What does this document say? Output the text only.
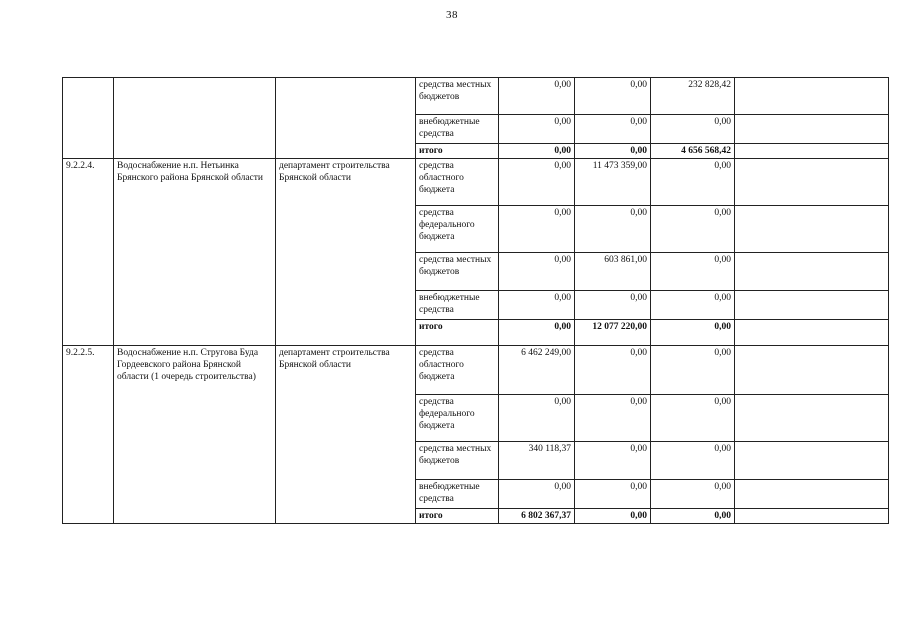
38
			средства местных бюджетов	0,00	0,00	232 828,42	
			внебюджетные средства	0,00	0,00	0,00	
			итого	0,00	0,00	4 656 568,42	
9.2.2.4.	Водоснабжение н.п. Нетьинка Брянского района Брянской области	департамент строительства Брянской области	средства областного бюджета	0,00	11 473 359,00	0,00	
			средства федерального бюджета	0,00	0,00	0,00	
			средства местных бюджетов	0,00	603 861,00	0,00	
			внебюджетные средства	0,00	0,00	0,00	
			итого	0,00	12 077 220,00	0,00	
9.2.2.5.	Водоснабжение н.п. Стругова Буда Гордеевского района Брянской области (1 очередь строительства)	департамент строительства Брянской области	средства областного бюджета	6 462 249,00	0,00	0,00	
			средства федерального бюджета	0,00	0,00	0,00	
			средства местных бюджетов	340 118,37	0,00	0,00	
			внебюджетные средства	0,00	0,00	0,00	
			итого	6 802 367,37	0,00	0,00	
